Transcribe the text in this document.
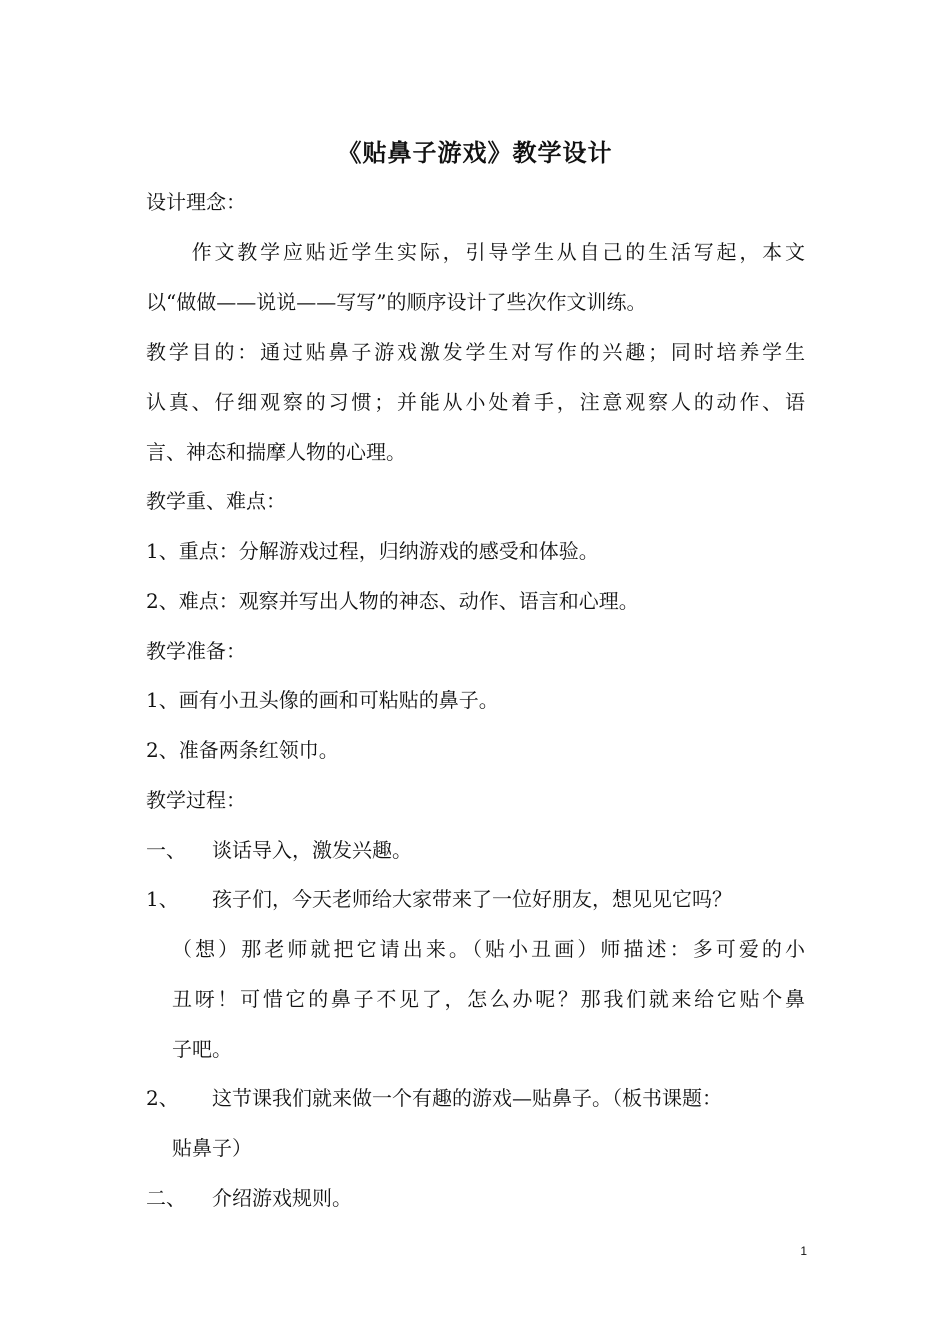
《贴鼻子游戏》教学设计
设计理念：
　　作文教学应贴近学生实际，引导学生从自己的生活写起，本文
以“做做——说说——写写”的顺序设计了些次作文训练。
教学目的：通过贴鼻子游戏激发学生对写作的兴趣；同时培养学生
认真、仔细观察的习惯；并能从小处着手，注意观察人的动作、语
言、神态和揣摩人物的心理。
教学重、难点：
1、重点：分解游戏过程，归纳游戏的感受和体验。
2、难点：观察并写出人物的神态、动作、语言和心理。
教学准备：
1、画有小丑头像的画和可粘贴的鼻子。
2、准备两条红领巾。
教学过程：
一、 谈话导入，激发兴趣。
1、 孩子们，今天老师给大家带来了一位好朋友，想见见它吗？
（想）那老师就把它请出来。（贴小丑画）师描述：多可爱的小
丑呀！可惜它的鼻子不见了，怎么办呢？那我们就来给它贴个鼻
子吧。
2、 这节课我们就来做一个有趣的游戏—贴鼻子。（板书课题：
贴鼻子）
二、 介绍游戏规则。
1
